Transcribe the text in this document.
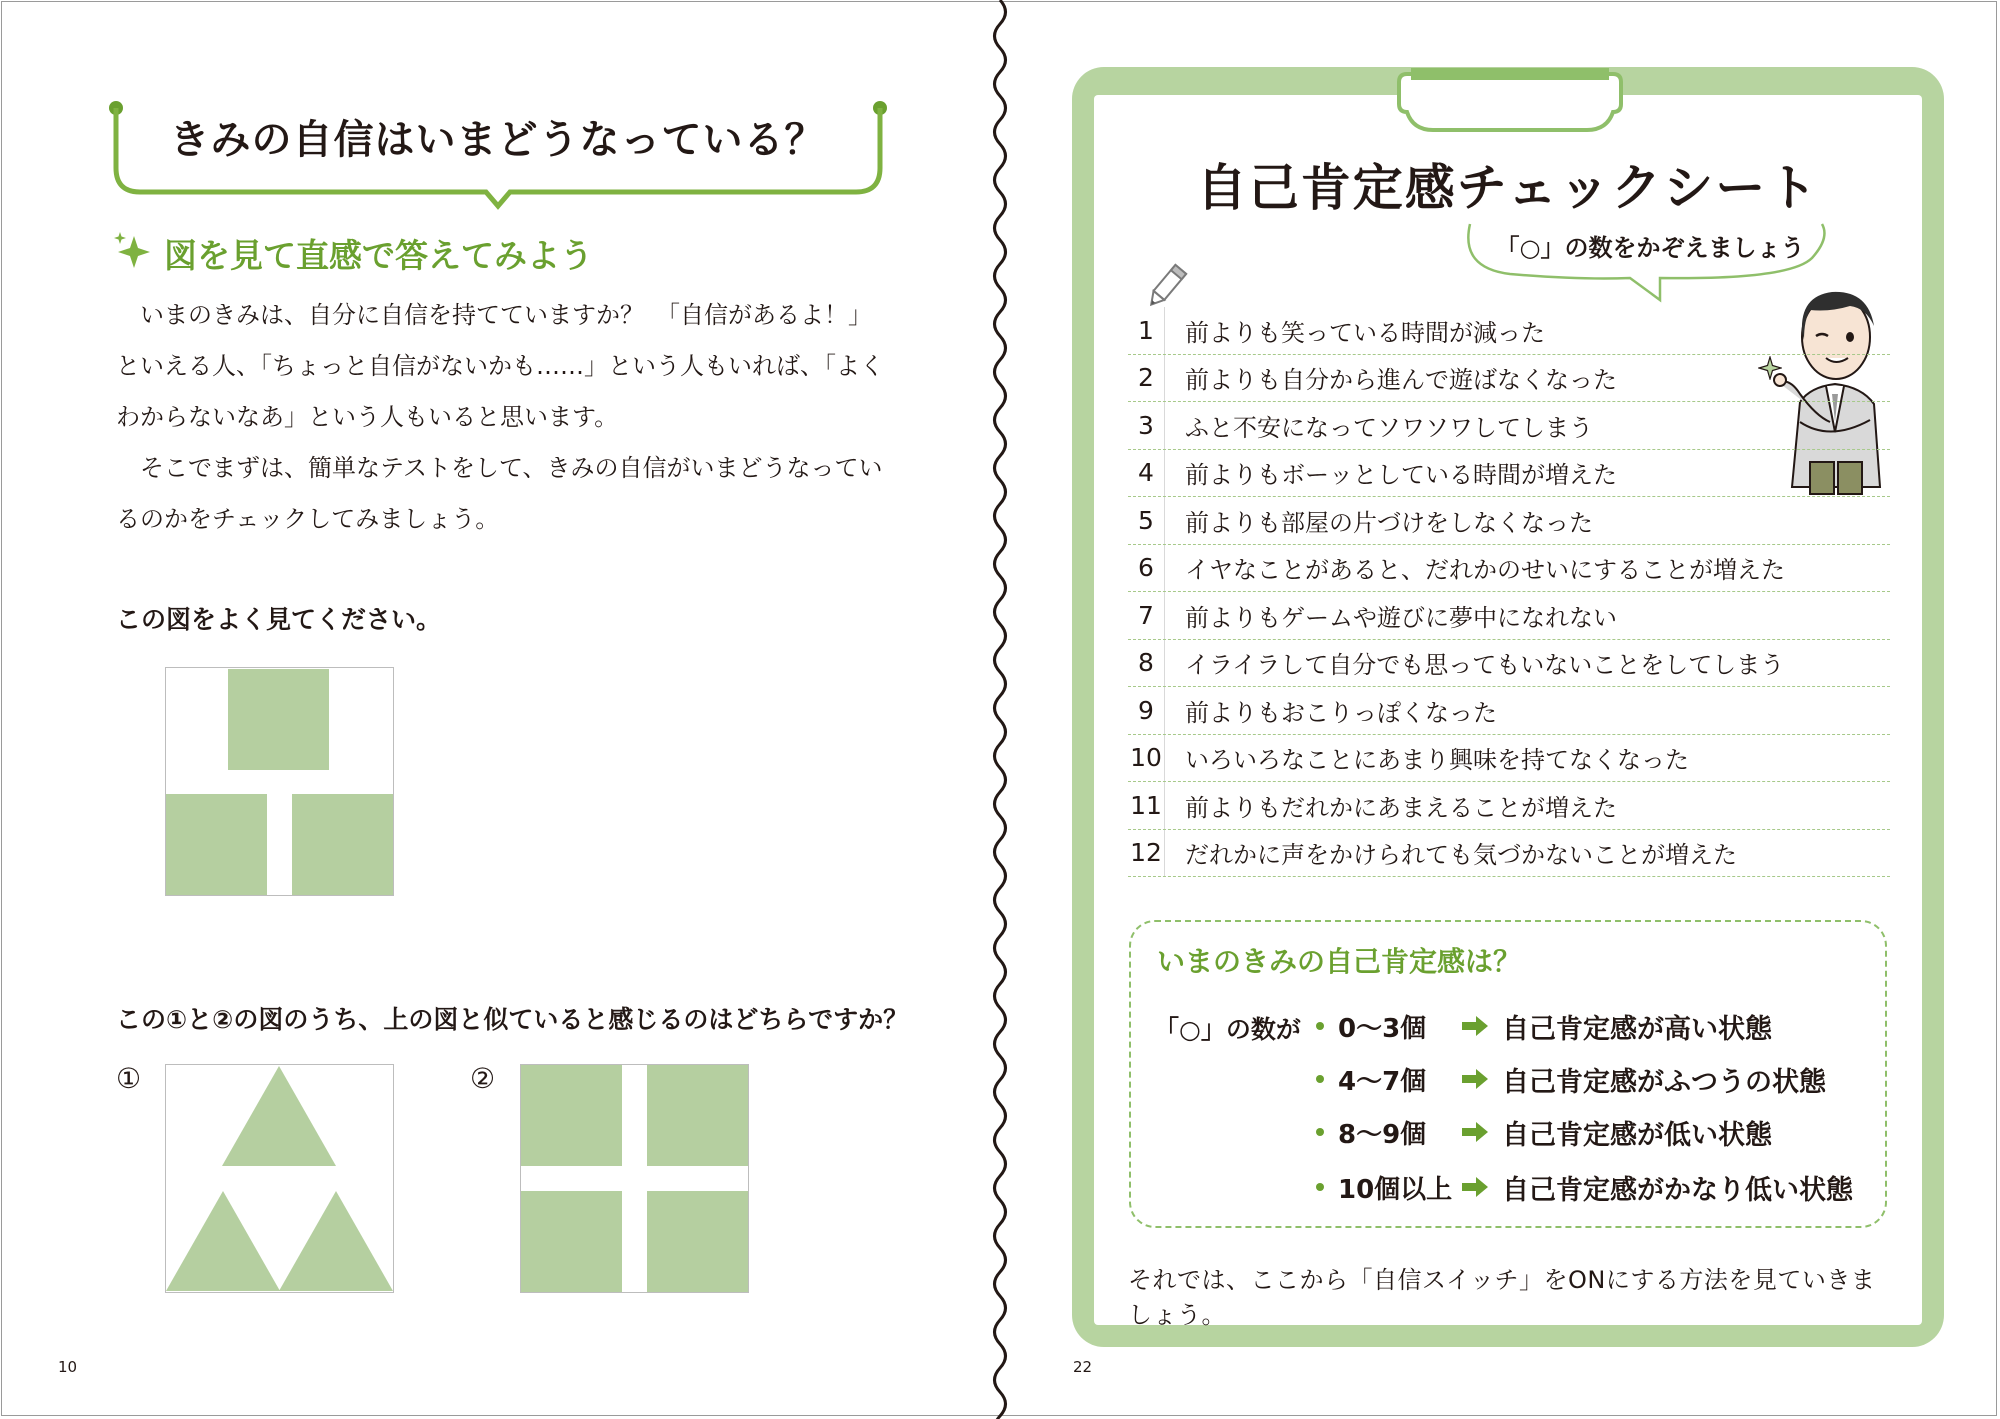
きみの自信はいまどうなっている？
図を見て直感で答えてみよう

いまのきみは、自分に自信を持てていますか？　「自信があるよ！」といえる人、「ちょっと自信がないかも……」という人もいれば、「よくわからないなあ」という人もいると思います。

そこでまずは、簡単なテストをして、きみの自信がいまどうなっているのかをチェックしてみましょう。

この図をよく見てください。
この①と②の図のうち、上の図と似ていると感じるのはどちらですか？
①	②
10
自己肯定感チェックシート
「○」の数をかぞえましょう
1	前よりも笑っている時間が減った
2	前よりも自分から進んで遊ばなくなった
3	ふと不安になってソワソワしてしまう
4	前よりもボーッとしている時間が増えた
5	前よりも部屋の片づけをしなくなった
6	イヤなことがあると、だれかのせいにすることが増えた
7	前よりもゲームや遊びに夢中になれない
8	イライラして自分でも思ってもいないことをしてしまう
9	前よりもおこりっぽくなった
10 いろいろなことにあまり興味を持てなくなった
11 前よりもだれかにあまえることが増えた
12 だれかに声をかけられても気づかないことが増えた
いまのきみの自己肯定感は？
「○」の数が 0〜3個	自己肯定感が高い状態
4〜7個	自己肯定感がふつうの状態
8〜9個	自己肯定感が低い状態
10個以上 自己肯定感がかなり低い状態
それでは、ここから「自信スイッチ」をONにする方法を見ていきましょう。
22
